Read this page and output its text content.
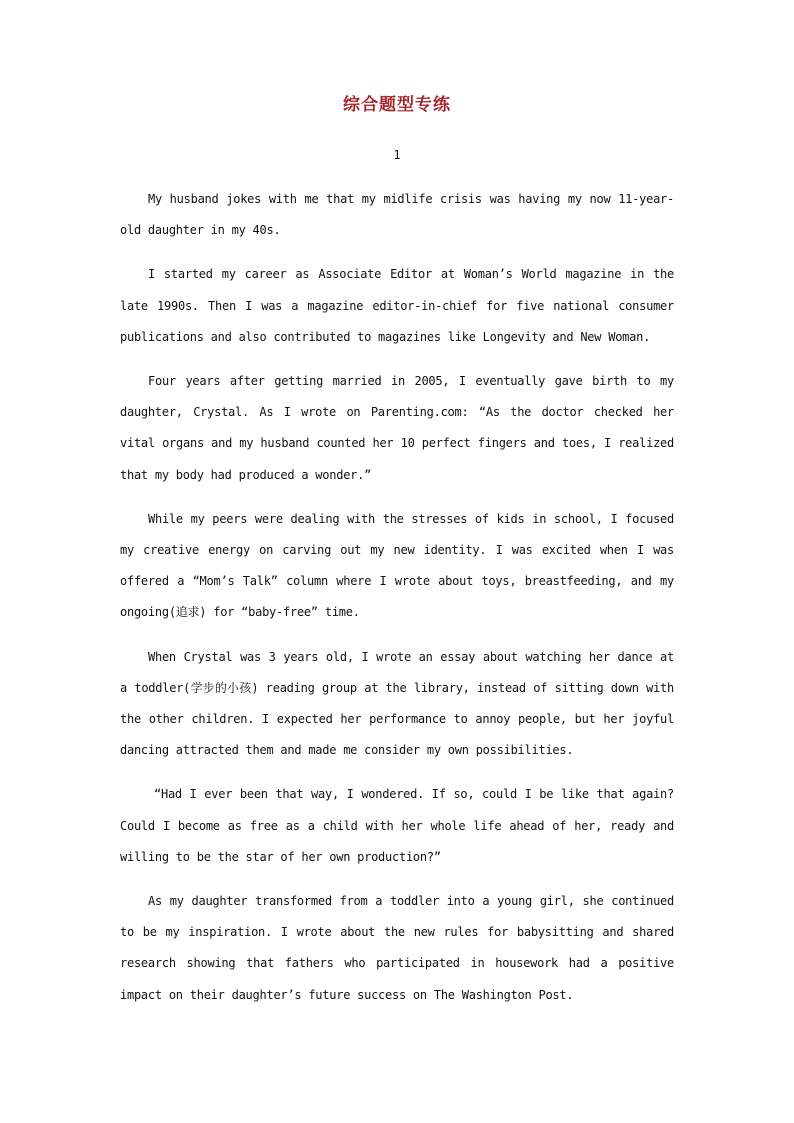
综合题型专练
1

My husband jokes with me that my midlife crisis was having my now 11-year-old daughter in my 40s.

I started my career as Associate Editor at Woman’s World magazine in the late 1990s. Then I was a magazine editor-in-chief for five national consumer publications and also contributed to magazines like Longevity and New Woman.

Four years after getting married in 2005, I eventually gave birth to my daughter, Crystal. As I wrote on Parenting.com: “As the doctor checked her vital organs and my husband counted her 10 perfect fingers and toes, I realized that my body had produced a wonder.”

While my peers were dealing with the stresses of kids in school, I focused my creative energy on carving out my new identity. I was excited when I was offered a “Mom’s Talk” column where I wrote about toys, breastfeeding, and my ongoing(追求) for “baby-free” time.

When Crystal was 3 years old, I wrote an essay about watching her dance at a toddler(学步的小孩) reading group at the library, instead of sitting down with the other children. I expected her performance to annoy people, but her joyful dancing attracted them and made me consider my own possibilities.

“Had I ever been that way, I wondered. If so, could I be like that again? Could I become as free as a child with her whole life ahead of her, ready and willing to be the star of her own production?”

As my daughter transformed from a toddler into a young girl, she continued to be my inspiration. I wrote about the new rules for babysitting and shared research showing that fathers who participated in housework had a positive impact on their daughter’s future success on The Washington Post.
